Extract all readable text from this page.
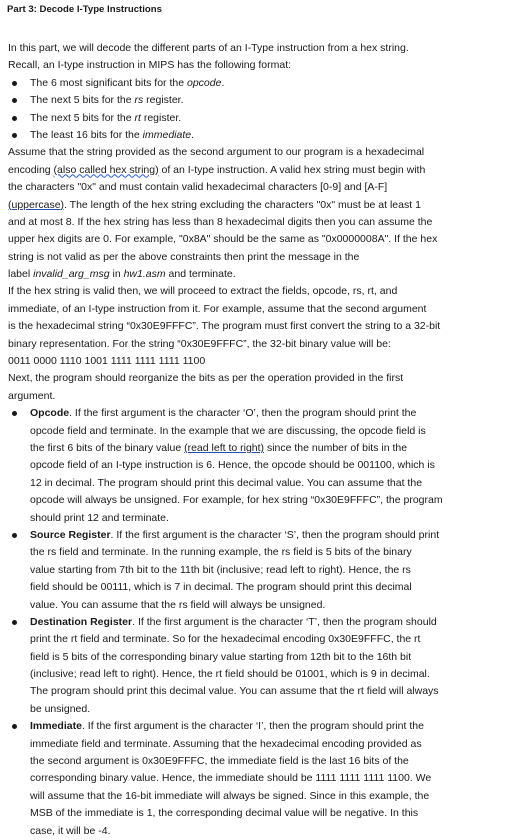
Part 3: Decode I-Type Instructions
In this part, we will decode the different parts of an I-Type instruction from a hex string.
Recall, an I-type instruction in MIPS has the following format:
The 6 most significant bits for the opcode.
The next 5 bits for the rs register.
The next 5 bits for the rt register.
The least 16 bits for the immediate.
Assume that the string provided as the second argument to our program is a hexadecimal
encoding (also called hex string) of an I-type instruction. A valid hex string must begin with
the characters "0x" and must contain valid hexadecimal characters [0-9] and [A-F]
(uppercase). The length of the hex string excluding the characters "0x" must be at least 1
and at most 8. If the hex string has less than 8 hexadecimal digits then you can assume the
upper hex digits are 0. For example, "0x8A" should be the same as "0x0000008A". If the hex
string is not valid as per the above constraints then print the message in the
label invalid_arg_msg in hw1.asm and terminate.
If the hex string is valid then, we will proceed to extract the fields, opcode, rs, rt, and
immediate, of an I-type instruction from it. For example, assume that the second argument
is the hexadecimal string “0x30E9FFFC”. The program must first convert the string to a 32-bit
binary representation. For the string “0x30E9FFFC”, the 32-bit binary value will be:
0011 0000 1110 1001 1111 1111 1111 1100
Next, the program should reorganize the bits as per the operation provided in the first
argument.
Opcode. If the first argument is the character ‘O’, then the program should print the
opcode field and terminate. In the example that we are discussing, the opcode field is
the first 6 bits of the binary value (read left to right) since the number of bits in the
opcode field of an I-type instruction is 6. Hence, the opcode should be 001100, which is
12 in decimal. The program should print this decimal value. You can assume that the
opcode will always be unsigned. For example, for hex string “0x30E9FFFC”, the program
should print 12 and terminate.
Source Register. If the first argument is the character ‘S’, then the program should print
the rs field and terminate. In the running example, the rs field is 5 bits of the binary
value starting from 7th bit to the 11th bit (inclusive; read left to right). Hence, the rs
field should be 00111, which is 7 in decimal. The program should print this decimal
value. You can assume that the rs field will always be unsigned.
Destination Register. If the first argument is the character ‘T’, then the program should
print the rt field and terminate. So for the hexadecimal encoding 0x30E9FFFC, the rt
field is 5 bits of the corresponding binary value starting from 12th bit to the 16th bit
(inclusive; read left to right). Hence, the rt field should be 01001, which is 9 in decimal.
The program should print this decimal value. You can assume that the rt field will always
be unsigned.
Immediate. If the first argument is the character ‘I’, then the program should print the
immediate field and terminate. Assuming that the hexadecimal encoding provided as
the second argument is 0x30E9FFFC, the immediate field is the last 16 bits of the
corresponding binary value. Hence, the immediate should be 1111 1111 1111 1100. We
will assume that the 16-bit immediate will always be signed. Since in this example, the
MSB of the immediate is 1, the corresponding decimal value will be negative. In this
case, it will be -4.
